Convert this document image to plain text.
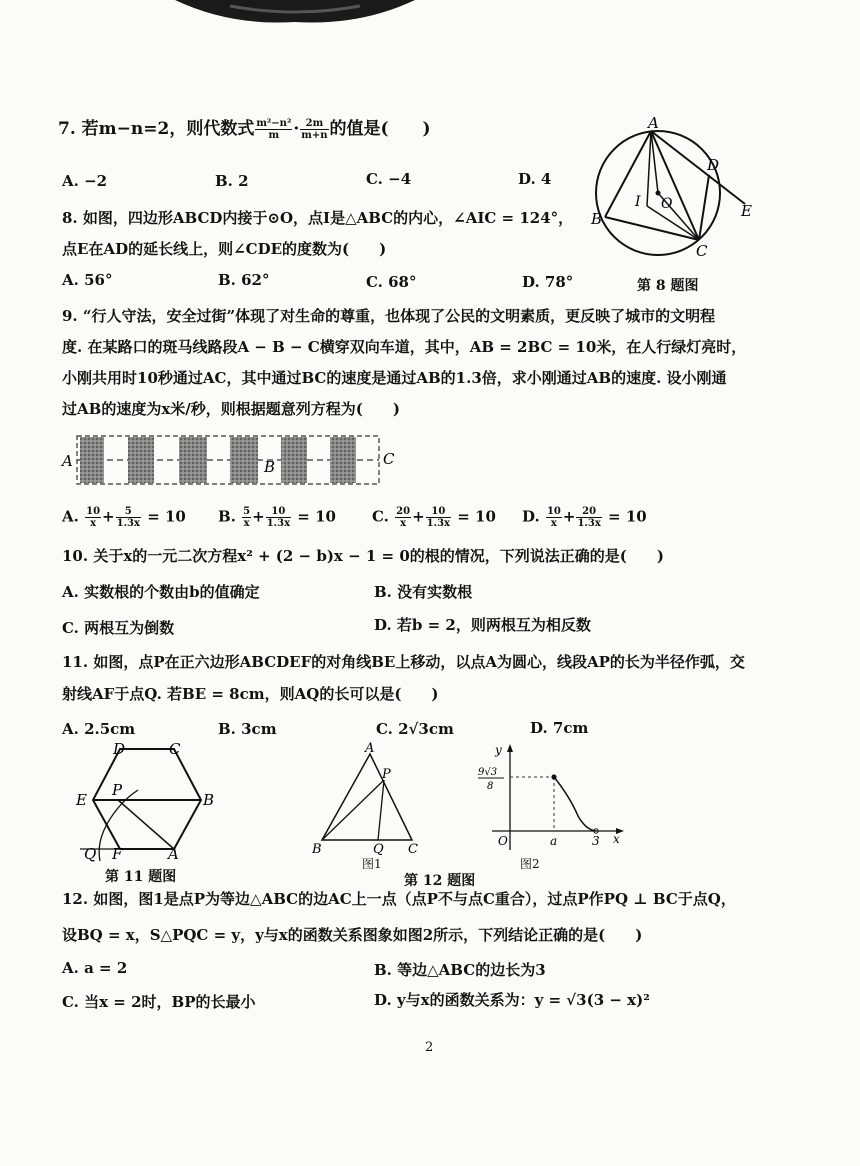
7. 若m−n=2，则代数式 $\frac{\text{m²−n²}}{m} \cdot \frac{2m}{m+n}$ 的值是(　　)
A. −2	B. 2	C. −4	D. 4
8. 如图，四边形ABCD内接于⊙O，点I是△ABC的内心，∠AIC = 124°，
点E在AD的延长线上，则∠CDE的度数为(　　)
A. 56°	B. 62°	C. 68°	D. 78°
A
B
C
D
E
I O
第 8 题图
9. “行人守法，安全过街”体现了对生命的尊重，也体现了公民的文明素质，更反映了城市的文明程
度. 在某路口的斑马线路段A − B − C横穿双向车道，其中，AB = 2BC = 10米，在人行绿灯亮时，
小刚共用时10秒通过AC，其中通过BC的速度是通过AB的1.3倍，求小刚通过AB的速度. 设小刚通
过AB的速度为x米/秒，则根据题意列方程为(　　)
A	B	C
A. $\frac{10}{x} + \frac{5}{1.3x} = 10$ B. $\frac{5}{x} + \frac{10}{1.3x} = 10$ C. $\frac{20}{x} + \frac{10}{1.3x} = 10$ D. $\frac{10}{x} + \frac{20}{1.3x} = 10$
10. 关于x的一元二次方程x² + (2 − b)x − 1 = 0的根的情况，下列说法正确的是(　　)
A. 实数根的个数由b的值确定	B. 没有实数根
C. 两根互为倒数	D. 若b = 2，则两根互为相反数
11. 如图，点P在正六边形ABCDEF的对角线BE上移动，以点A为圆心，线段AP的长为半径作弧，交
射线AF于点Q. 若BE = 8cm，则AQ的长可以是(　　)
A. 2.5cm	B. 3cm	C. 2√3cm	D. 7cm
D	C
E	B
P
Q F	A
第 11 题图
A
P
B	Q C
图1
y
9√3
8
O	a	3 x
图2
第 12 题图
12. 如图，图1是点P为等边△ABC的边AC上一点（点P不与点C重合），过点P作PQ ⊥ BC于点Q，
设BQ = x，S△PQC = y，y与x的函数关系图象如图2所示，下列结论正确的是(　　)
A. a = 2	B. 等边△ABC的边长为3
C. 当x = 2时，BP的长最小	D. y与x的函数关系为：y = √3(3 − x)²
2
